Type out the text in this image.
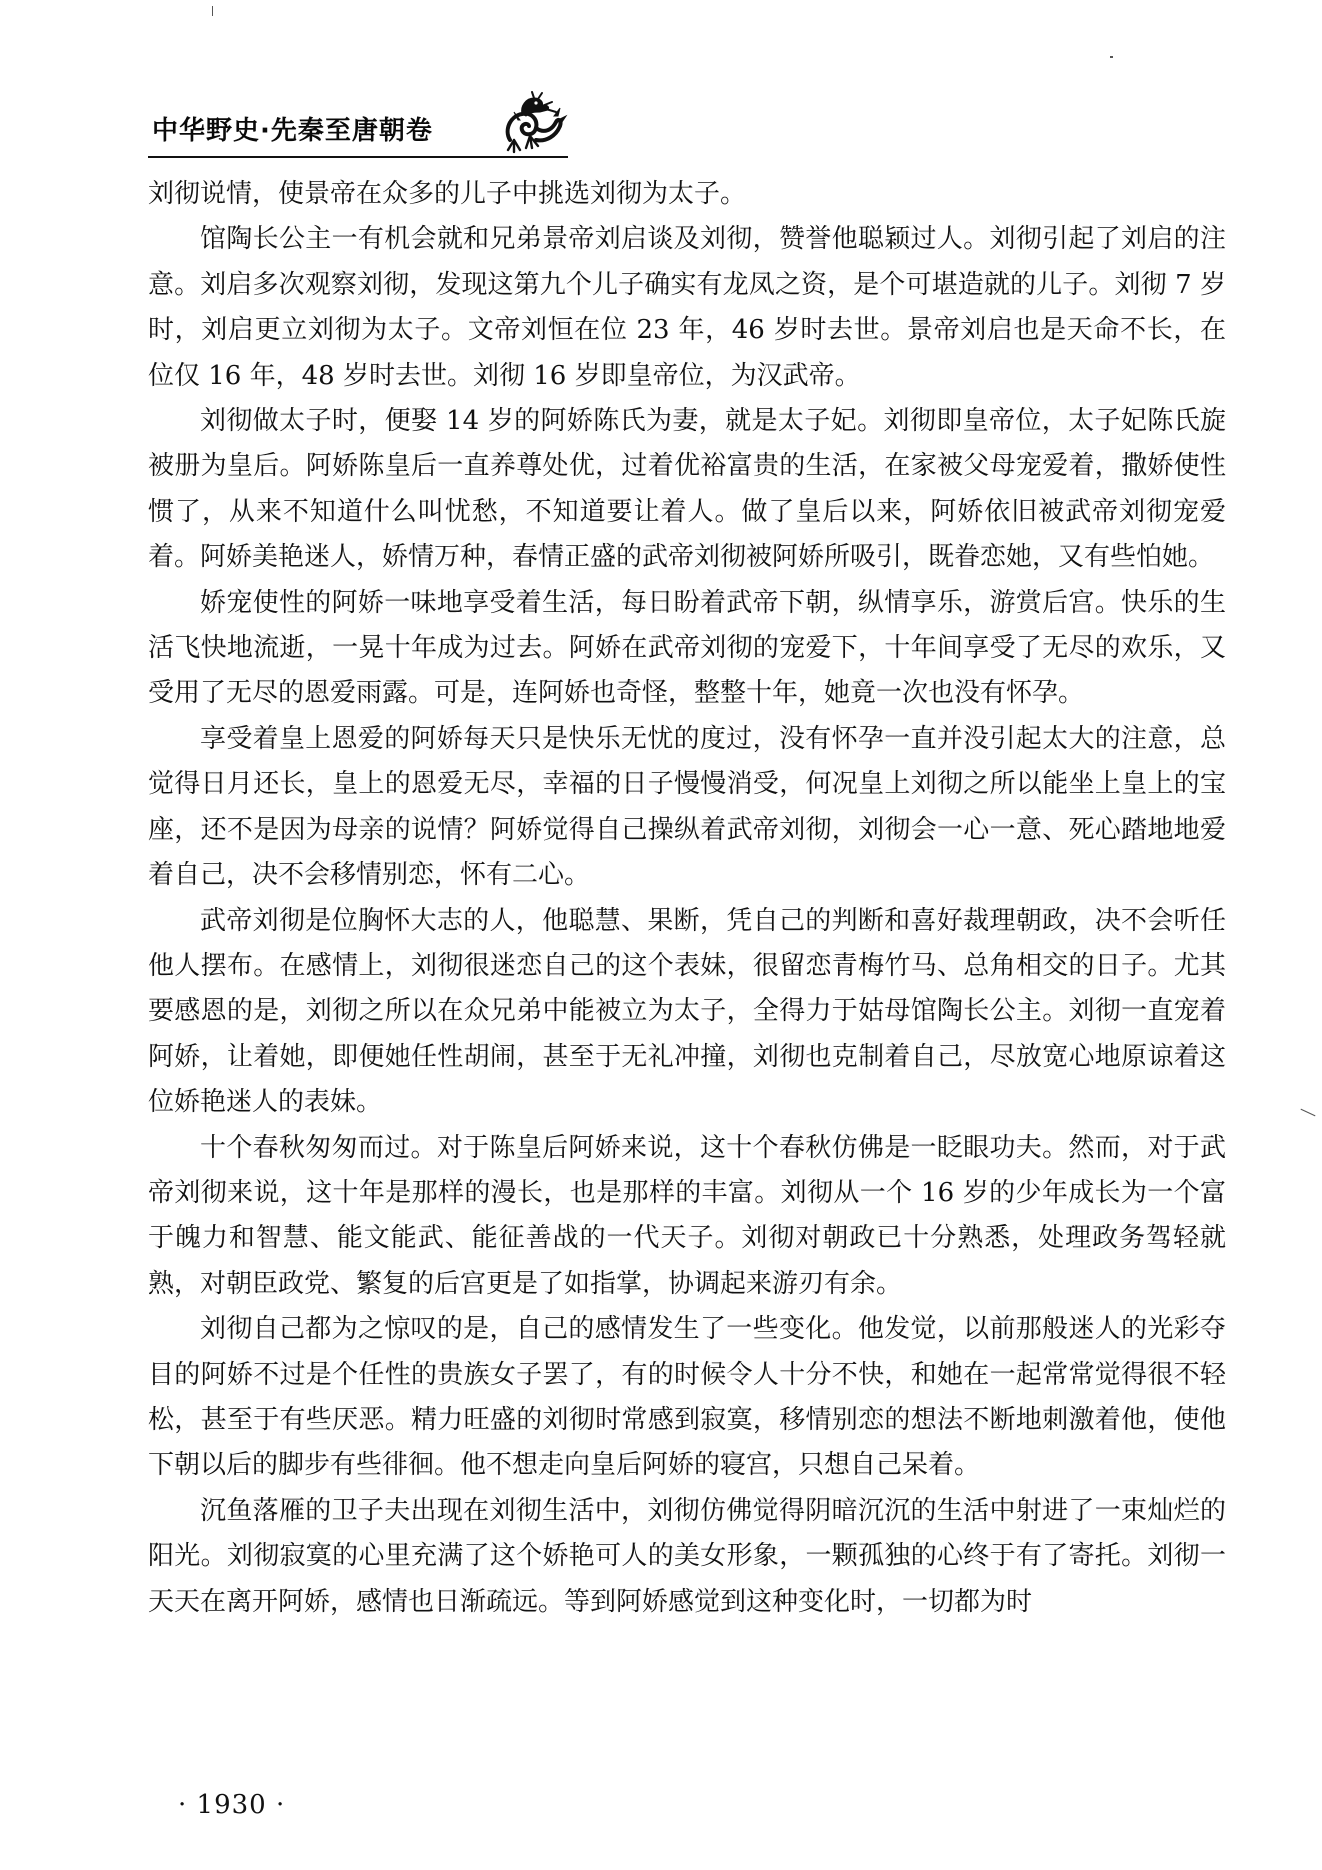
中华野史·先秦至唐朝卷

刘彻说情，使景帝在众多的儿子中挑选刘彻为太子。

馆陶长公主一有机会就和兄弟景帝刘启谈及刘彻，赞誉他聪颖过人。刘彻引起了刘启的注意。刘启多次观察刘彻，发现这第九个儿子确实有龙凤之资，是个可堪造就的儿子。刘彻 7 岁时，刘启更立刘彻为太子。文帝刘恒在位 23 年，46 岁时去世。景帝刘启也是天命不长，在位仅 16 年，48 岁时去世。刘彻 16 岁即皇帝位，为汉武帝。

刘彻做太子时，便娶 14 岁的阿娇陈氏为妻，就是太子妃。刘彻即皇帝位，太子妃陈氏旋被册为皇后。阿娇陈皇后一直养尊处优，过着优裕富贵的生活，在家被父母宠爱着，撒娇使性惯了，从来不知道什么叫忧愁，不知道要让着人。做了皇后以来，阿娇依旧被武帝刘彻宠爱着。阿娇美艳迷人，娇情万种，春情正盛的武帝刘彻被阿娇所吸引，既眷恋她，又有些怕她。

娇宠使性的阿娇一味地享受着生活，每日盼着武帝下朝，纵情享乐，游赏后宫。快乐的生活飞快地流逝，一晃十年成为过去。阿娇在武帝刘彻的宠爱下，十年间享受了无尽的欢乐，又受用了无尽的恩爱雨露。可是，连阿娇也奇怪，整整十年，她竟一次也没有怀孕。

享受着皇上恩爱的阿娇每天只是快乐无忧的度过，没有怀孕一直并没引起太大的注意，总觉得日月还长，皇上的恩爱无尽，幸福的日子慢慢消受，何况皇上刘彻之所以能坐上皇上的宝座，还不是因为母亲的说情？阿娇觉得自己操纵着武帝刘彻，刘彻会一心一意、死心踏地地爱着自己，决不会移情别恋，怀有二心。

武帝刘彻是位胸怀大志的人，他聪慧、果断，凭自己的判断和喜好裁理朝政，决不会听任他人摆布。在感情上，刘彻很迷恋自己的这个表妹，很留恋青梅竹马、总角相交的日子。尤其要感恩的是，刘彻之所以在众兄弟中能被立为太子，全得力于姑母馆陶长公主。刘彻一直宠着阿娇，让着她，即便她任性胡闹，甚至于无礼冲撞，刘彻也克制着自己，尽放宽心地原谅着这位娇艳迷人的表妹。

十个春秋匆匆而过。对于陈皇后阿娇来说，这十个春秋仿佛是一眨眼功夫。然而，对于武帝刘彻来说，这十年是那样的漫长，也是那样的丰富。刘彻从一个 16 岁的少年成长为一个富于魄力和智慧、能文能武、能征善战的一代天子。刘彻对朝政已十分熟悉，处理政务驾轻就熟，对朝臣政党、繁复的后宫更是了如指掌，协调起来游刃有余。

刘彻自己都为之惊叹的是，自己的感情发生了一些变化。他发觉，以前那般迷人的光彩夺目的阿娇不过是个任性的贵族女子罢了，有的时候令人十分不快，和她在一起常常觉得很不轻松，甚至于有些厌恶。精力旺盛的刘彻时常感到寂寞，移情别恋的想法不断地刺激着他，使他下朝以后的脚步有些徘徊。他不想走向皇后阿娇的寝宫，只想自己呆着。

沉鱼落雁的卫子夫出现在刘彻生活中，刘彻仿佛觉得阴暗沉沉的生活中射进了一束灿烂的阳光。刘彻寂寞的心里充满了这个娇艳可人的美女形象，一颗孤独的心终于有了寄托。刘彻一天天在离开阿娇，感情也日渐疏远。等到阿娇感觉到这种变化时，一切都为时

· 1930 ·
